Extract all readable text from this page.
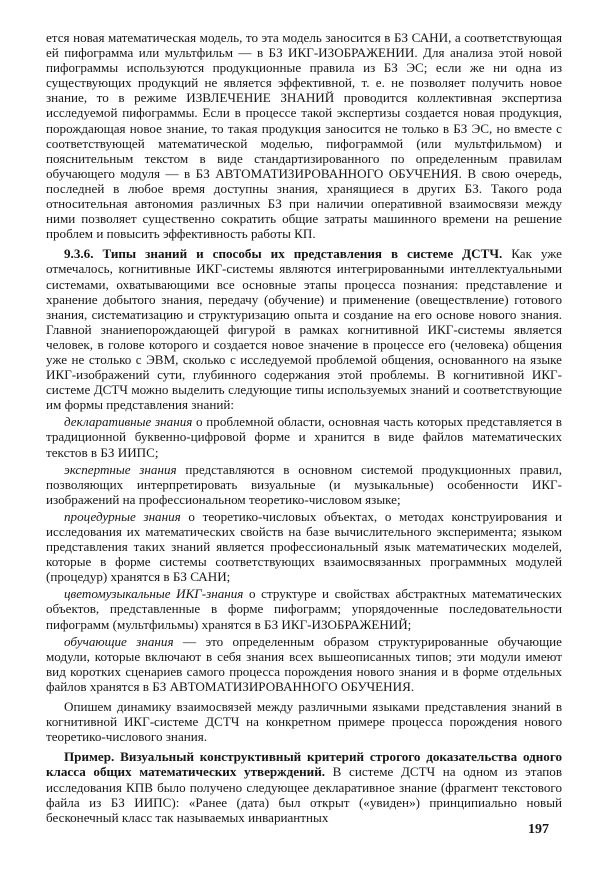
ется новая математическая модель, то эта модель заносится в БЗ САНИ, а соответствующая ей пифограмма или мультфильм — в БЗ ИКГ-ИЗОБРАЖЕНИИ. Для анализа этой новой пифограммы используются продукционные правила из БЗ ЭС; если же ни одна из существующих продукций не является эффективной, т. е. не позволяет получить новое знание, то в режиме ИЗВЛЕЧЕНИЕ ЗНАНИЙ проводится коллективная экспертиза исследуемой пифограммы. Если в процессе такой экспертизы создается новая продукция, порождающая новое знание, то такая продукция заносится не только в БЗ ЭС, но вместе с соответствующей математической моделью, пифограммой (или мультфильмом) и пояснительным текстом в виде стандартизированного по определенным правилам обучающего модуля — в БЗ АВТОМАТИЗИРОВАННОГО ОБУЧЕНИЯ. В свою очередь, последней в любое время доступны знания, хранящиеся в других БЗ. Такого рода относительная автономия различных БЗ при наличии оперативной взаимосвязи между ними позволяет существенно сократить общие затраты машинного времени на решение проблем и повысить эффективность работы КП.

9.3.6. Типы знаний и способы их представления в системе ДСТЧ. Как уже отмечалось, когнитивные ИКГ-системы являются интегрированными интеллектуальными системами, охватывающими все основные этапы процесса познания: представление и хранение добытого знания, передачу (обучение) и применение (овеществление) готового знания, систематизацию и структуризацию опыта и создание на его основе нового знания. Главной знаниепорождающей фигурой в рамках когнитивной ИКГ-системы является человек, в голове которого и создается новое значение в процессе его (человека) общения уже не столько с ЭВМ, сколько с исследуемой проблемой общения, основанного на языке ИКГ-изображений сути, глубинного содержания этой проблемы. В когнитивной ИКГ-системе ДСТЧ можно выделить следующие типы используемых знаний и соответствующие им формы представления знаний:

декларативные знания о проблемной области, основная часть которых представляется в традиционной буквенно-цифровой форме и хранится в виде файлов математических текстов в БЗ ИИПС;

экспертные знания представляются в основном системой продукционных правил, позволяющих интерпретировать визуальные (и музыкальные) особенности ИКГ-изображений на профессиональном теоретико-числовом языке;

процедурные знания о теоретико-числовых объектах, о методах конструирования и исследования их математических свойств на базе вычислительного эксперимента; языком представления таких знаний является профессиональный язык математических моделей, которые в форме системы соответствующих взаимосвязанных программных модулей (процедур) хранятся в БЗ САНИ;

цветомузыкальные ИКГ-знания о структуре и свойствах абстрактных математических объектов, представленные в форме пифограмм; упорядоченные последовательности пифограмм (мультфильмы) хранятся в БЗ ИКГ-ИЗОБРАЖЕНИЙ;

обучающие знания — это определенным образом структурированные обучающие модули, которые включают в себя знания всех вышеописанных типов; эти модули имеют вид коротких сценариев самого процесса порождения нового знания и в форме отдельных файлов хранятся в БЗ АВТОМАТИЗИРОВАННОГО ОБУЧЕНИЯ.

Опишем динамику взаимосвязей между различными языками представления знаний в когнитивной ИКГ-системе ДСТЧ на конкретном примере процесса порождения нового теоретико-числового знания.

Пример. Визуальный конструктивный критерий строгого доказательства одного класса общих математических утверждений. В системе ДСТЧ на одном из этапов исследования КПВ было получено следующее декларативное знание (фрагмент текстового файла из БЗ ИИПС): «Ранее (дата) был открыт («увиден») принципиально новый бесконечный класс так называемых инвариантных

197
